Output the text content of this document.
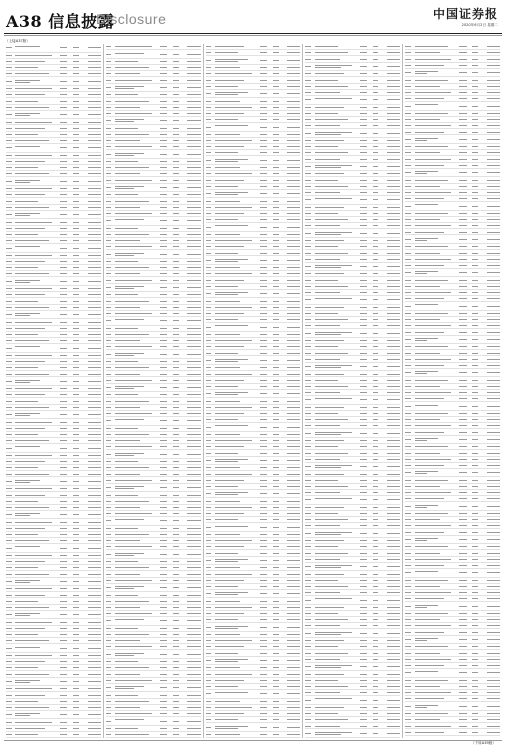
A38 信息披露
Disclosure	中国证券报
2020年6月2日 星期二
（上接A37版）
（下转A39版）
